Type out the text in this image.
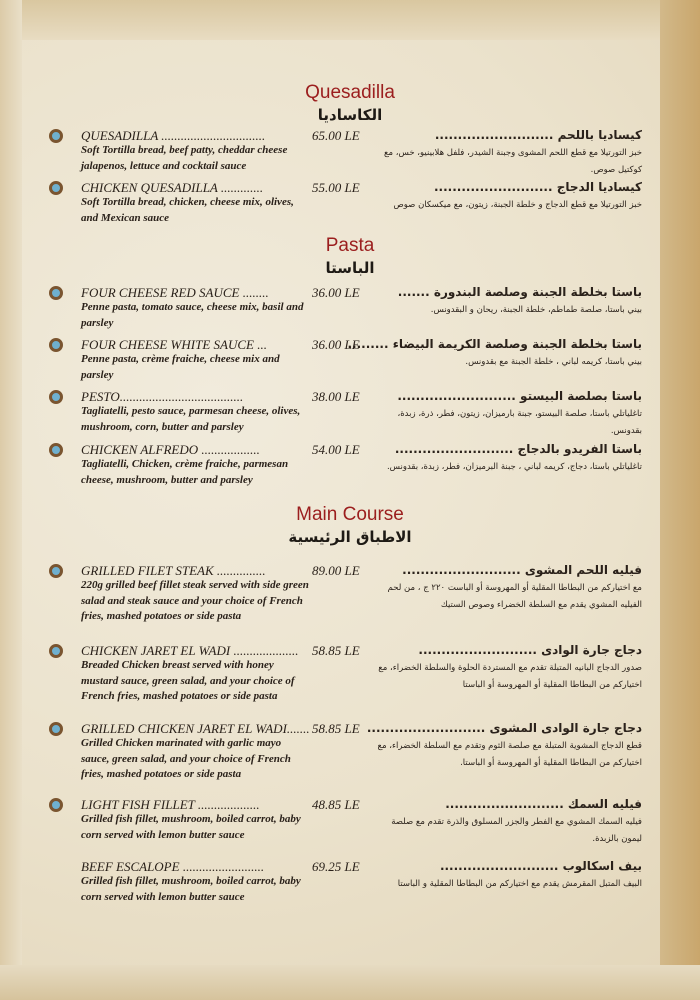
Quesadilla
الكاساديا
QUESADILLA ................................	65.00 LE
Soft Tortilla bread, beef patty, cheddar cheese jalapenos, lettuce and cocktail sauce
كيساديا باللحم ..........................
خبز التورتيلا مع قطع اللحم المشوى وجبنة الشيدر، فلفل هلابينيو، خس، مع كوكتيل صوص.
CHICKEN QUESADILLA .............	55.00 LE
Soft Tortilla bread, chicken, cheese mix, olives, and Mexican sauce
كيساديا الدجاج ..........................
خبز التورتيلا مع قطع الدجاج و خلطة الجبنة، زيتون، مع ميكسكان صوص
Pasta
الباستا
FOUR CHEESE RED SAUCE ........	36.00 LE
Penne pasta, tomato sauce, cheese mix, basil and parsley
باستا بخلطة الجبنة وصلصة البندورة .......
بيني باستا، صلصة طماطم، خلطة الجبنة، ريحان و البقدونس.
FOUR CHEESE WHITE SAUCE ...	36.00 LE
Penne pasta, crème fraiche, cheese mix and parsley
باستا بخلطة الجبنة وصلصة الكريمة البيضاء .........
بيني باستا، كريمه لباني ، خلطة الجبنة مع بقدونس.
PESTO......................................	38.00 LE
Tagliatelli, pesto sauce, parmesan cheese, olives, mushroom, corn, butter and parsley
باستا بصلصة البيستو ..........................
تاغلياتلي باستا، صلصة البيستو، جبنة بارميزان، زيتون، فطر، ذرة، زبدة، بقدونس.
CHICKEN ALFREDO ..................	54.00 LE
Tagliatelli, Chicken, crème fraiche, parmesan cheese, mushroom, butter and parsley
باستا الفريدو بالدجاج ..........................
تاغلياتلي باستا، دجاج، كريمه لباني ، جبنة البرميزان، فطر، زبدة، بقدونس.
Main Course
الاطباق الرئيسية
GRILLED FILET STEAK ...............	89.00 LE
220g grilled beef fillet steak served with side green salad and steak sauce and your choice of French fries, mashed potatoes or side pasta
فيليه اللحم المشوى ..........................
مع اختياركم من البطاطا المقلية أو المهروسة أو الباست ٢٢٠ ج ، من لحم الفيليه المشوي يقدم مع السلطة الخضراء وصوص الستيك
CHICKEN JARET EL WADI .................... 58.85 LE
Breaded Chicken breast served with honey mustard sauce, green salad, and your choice of French fries, mashed potatoes or side pasta
دجاج جارة الوادى ..........................
صدور الدجاج البانيه المتبلة تقدم مع المستردة الحلوة والسلطة الخضراء، مع اختياركم من البطاطا المقلية أو المهروسة أو الباستا
GRILLED CHICKEN JARET EL WADI....... 58.85 LE
Grilled Chicken marinated with garlic mayo sauce, green salad, and your choice of French fries, mashed potatoes or side pasta
دجاج جارة الوادى المشوى ..........................
قطع الدجاج المشوية المتبلة مع صلصة الثوم وتقدم مع السلطة الخضراء، مع اختياركم من البطاطا المقلية أو المهروسة أو الباستا.
LIGHT FISH FILLET ...................	48.85 LE
Grilled fish fillet, mushroom, boiled carrot, baby corn served with lemon butter sauce
فيليه السمك ..........................
فيليه السمك المشوي مع الفطر والجزر المسلوق والذرة تقدم مع صلصة ليمون بالزبدة.
BEEF ESCALOPE .........................	69.25 LE
Grilled fish fillet, mushroom, boiled carrot, baby corn served with lemon butter sauce
بيف اسكالوب ..........................
البيف المتبل المقرمش يقدم مع اختياركم من البطاطا المقلية و الباستا
